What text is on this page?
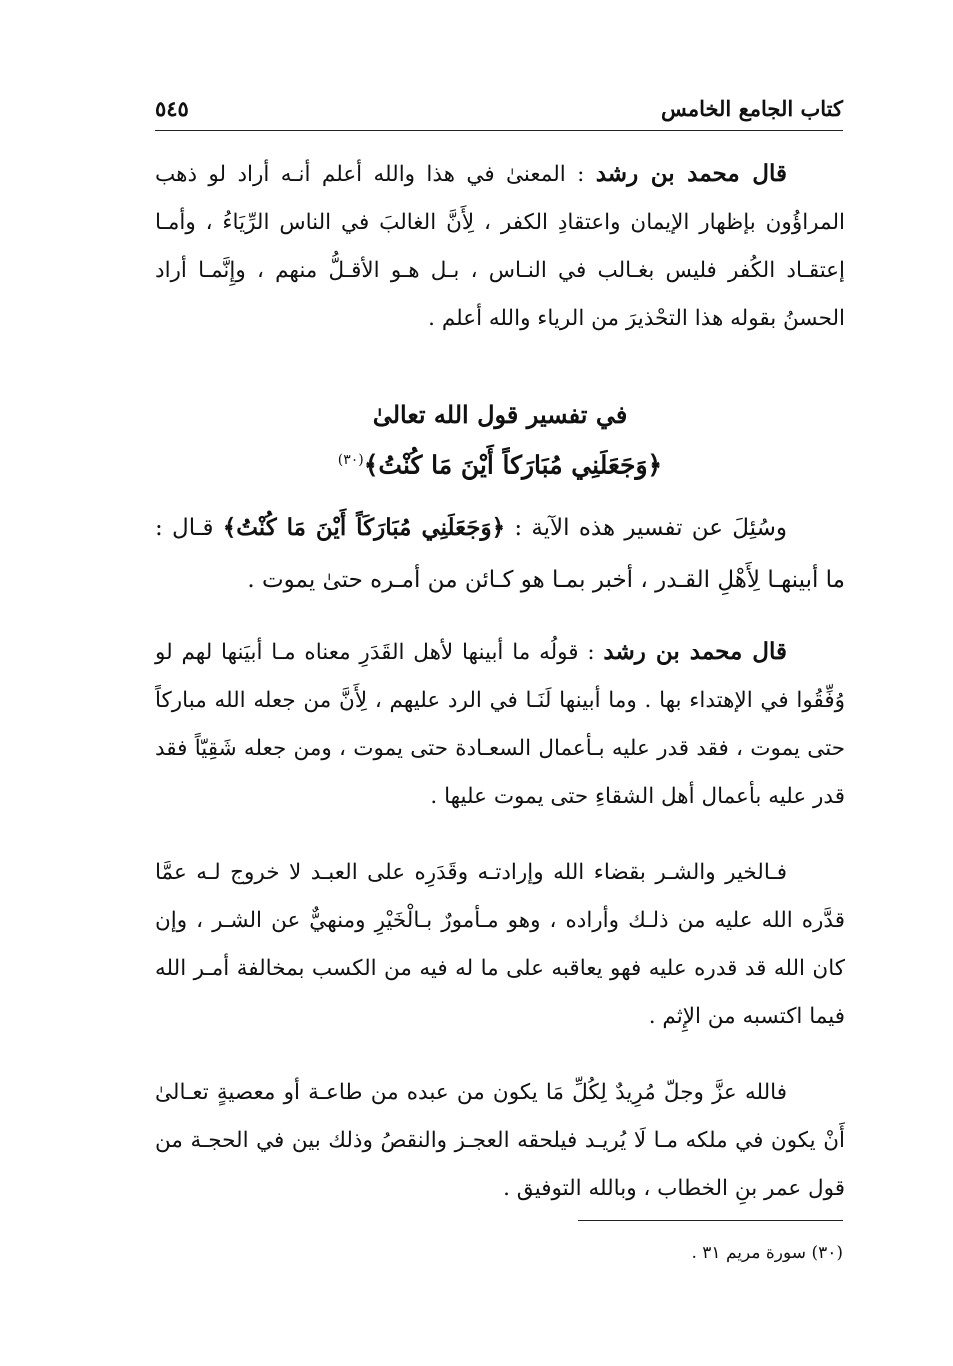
كتاب الجامع الخامس
٥٤٥

قال محمد بن رشد : المعنىٰ في هذا والله أعلم أنـه أراد لو ذهب المراؤُون بإظهار الإيمان واعتقادِ الكفر ، لِأَنَّ الغالبَ في الناس الرِّيَاءُ ، وأمـا إعتقـاد الكُفر فليس بغـالب في النـاس ، بـل هـو الأقـلُّ منهم ، وإِنَّمـا أراد الحسنُ بقوله هذا التحْذيرَ من الرياء والله أعلم .

في تفسير قول الله تعالىٰ
﴿وَجَعَلَنِي مُبَارَكاً أَيْنَ مَا كُنْتُ﴾$^{(٣٠)}$

وسُئِلَ عن تفسير هذه الآية : ﴿وَجَعَلَنِي مُبَارَكَاً أَيْنَ مَا كُنْتُ﴾ قـال : ما أبينهـا لِأَهْلِ القـدر ، أخبر بمـا هو كـائن من أمـره حتىٰ يموت .

قال محمد بن رشد : قولُه ما أبينها لأهل القَدَرِ معناه مـا أبيَنها لهم لو وُفِّقُوا في الإهتداء بها . وما أبينها لَنَـا في الرد عليهم ، لِأَنَّ من جعله الله مباركاً حتى يموت ، فقد قدر عليه بـأعمال السعـادة حتى يموت ، ومن جعله شَقِيّاً فقد قدر عليه بأعمال أهل الشقاءِ حتى يموت عليها .

فـالخير والشـر بقضاء الله وإرادتـه وقَدَرِه على العبـد لا خروج لـه عمَّا قدَّره الله عليه من ذلـك وأراده ، وهو مـأمورٌ بـالْخَيْرِ ومنهيٌّ عن الشـر ، وإن كان الله قد قدره عليه فهو يعاقبه على ما له فيه من الكسب بمخالفة أمـر الله فيما اكتسبه من الإِثم .

فالله عزَّ وجلّ مُرِيدٌ لِكُلِّ مَا يكون من عبده من طاعـة أو معصيةٍ تعـالىٰ أَنْ يكون في ملكه مـا لَا يُريـد فيلحقه العجـز والنقصُ وذلك بين في الحجـة من قول عمر بنِ الخطاب ، وبالله التوفيق .

(٣٠) سورة مريم ٣١ .
